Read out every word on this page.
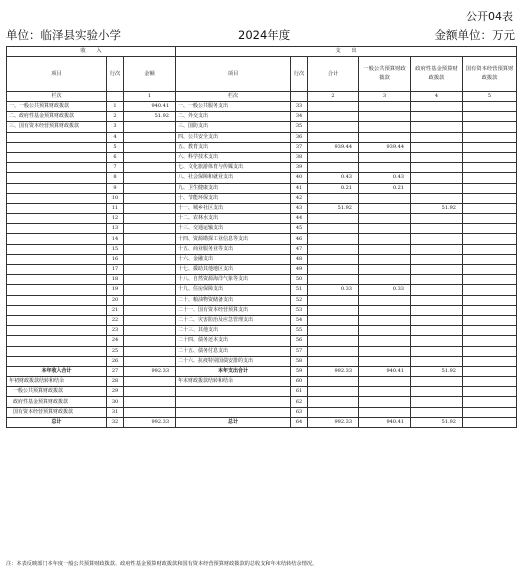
公开04表
单位：临泽县实验小学	2024年度	金额单位：万元
收　　入			支　　出					
项目	行次	金额	项目	行次	合计	一般公共预算财政拨款	政府性基金预算财政拨款	国有资本经营预算财政拨款
栏次		1	栏次		2	3	4	5
一、一般公共预算财政拨款	1	940.41	一、一般公共服务支出	33				
二、政府性基金预算财政拨款	2	51.92	二、外交支出	34				
三、国有资本经营预算财政拨款	3		三、国防支出	35				
	4		四、公共安全支出	36				
	5		五、教育支出	37	939.44	939.44		
	6		六、科学技术支出	38				
	7		七、文化旅游体育与传媒支出	39				
	8		八、社会保障和就业支出	40	0.43	0.43		
	9		九、卫生健康支出	41	0.21	0.21		
	10		十、节能环保支出	42				
	11		十一、城乡社区支出	43	51.92		51.92	
	12		十二、农林水支出	44				
	13		十三、交通运输支出	45				
	14		十四、资源勘探工业信息等支出	46				
	15		十五、商业服务业等支出	47				
	16		十六、金融支出	48				
	17		十七、援助其他地区支出	49				
	18		十八、自然资源海洋气象等支出	50				
	19		十九、住房保障支出	51	0.33	0.33		
	20		二十、粮油物资储备支出	52				
	21		二十一、国有资本经营预算支出	53				
	22		二十二、灾害防治及应急管理支出	54				
	23		二十三、其他支出	55				
	24		二十四、债务还本支出	56				
	25		二十五、债务付息支出	57				
	26		二十六、抗疫特别国债安排的支出	58				
本年收入合计	27	992.33	本年支出合计	59	992.33	940.41	51.92	
年初财政拨款结转和结余	28		年末财政拨款结转和结余	60				
一般公共预算财政拨款	29			61				
政府性基金预算财政拨款	30			62				
国有资本经营预算财政拨款	31			63				
总计	32	992.33	总计	64	992.33	940.41	51.92	
注：本表反映部门本年度一般公共预算财政拨款、政府性基金预算财政拨款和国有资本经营预算财政拨款的总收支和年末结转结余情况。
